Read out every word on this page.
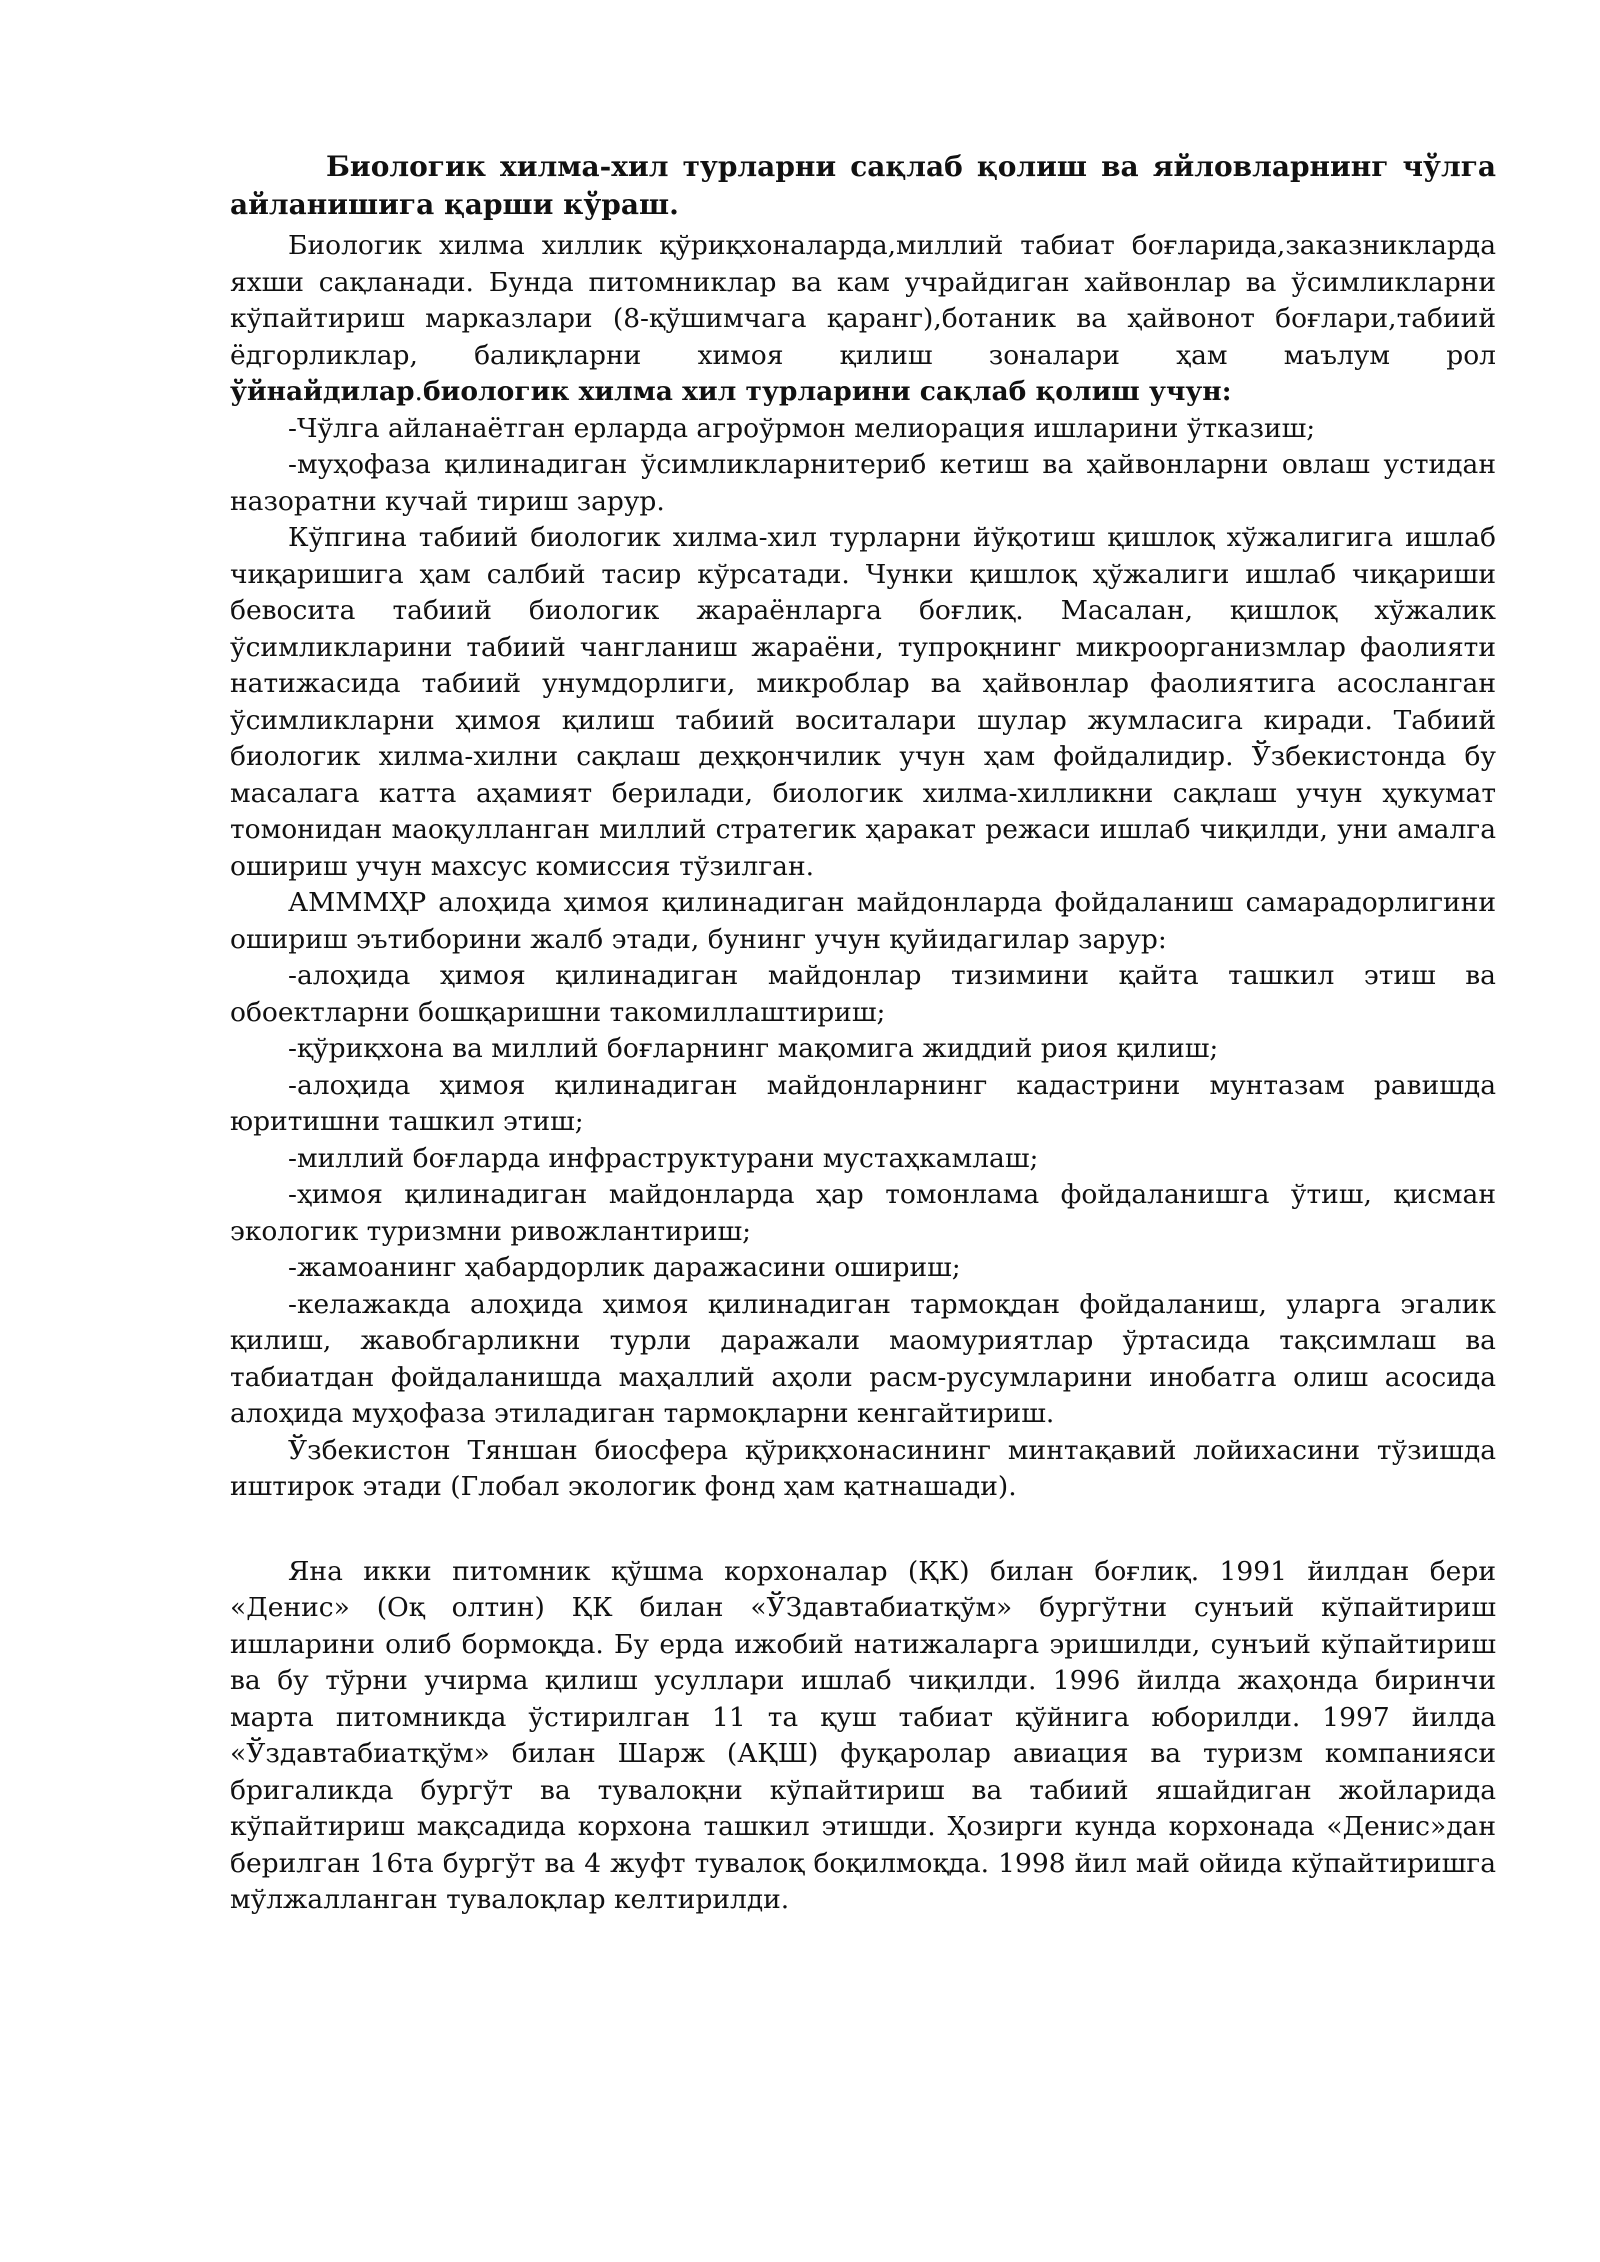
Биологик хилма-хил турларни сақлаб қолиш ва яйловларнинг чўлга айланишига қарши кўраш.

Биологик хилма хиллик қўриқхоналарда,миллий табиат боғларида,заказникларда яхши сақланади. Бунда питомниклар ва кам учрайдиган хайвонлар ва ўсимликларни кўпайтириш марказлари (8-қўшимчага қаранг),ботаник ва ҳайвонот боғлари,табиий ёдгорликлар, балиқларни химоя қилиш зоналари ҳам маълум рол ўйнайдилар.биологик хилма хил турларини сақлаб қолиш учун:

-Чўлга айланаётган ерларда агроўрмон мелиорация ишларини ўтказиш;

-муҳофаза қилинадиган ўсимликларнитериб кетиш ва ҳайвонларни овлаш устидан назоратни кучай тириш зарур.

Кўпгина табиий биологик хилма-хил турларни йўқотиш қишлоқ хўжалигига ишлаб чиқаришига ҳам салбий тасир кўрсатади. Чунки қишлоқ ҳўжалиги ишлаб чиқариши бевосита табиий биологик жараёнларга боғлиқ. Масалан, қишлоқ хўжалик ўсимликларини табиий чангланиш жараёни, тупроқнинг микроорганизмлар фаолияти натижасида табиий унумдорлиги, микроблар ва ҳайвонлар фаолиятига асосланган ўсимликларни ҳимоя қилиш табиий воситалари шулар жумласига киради. Табиий биологик хилма-хилни сақлаш деҳқончилик учун ҳам фойдалидир. Ўзбекистонда бу масалага катта аҳамият берилади, биологик хилма-хилликни сақлаш учун ҳукумат томонидан маоқулланган миллий стратегик ҳаракат режаси ишлаб чиқилди, уни амалга ошириш учун махсус комиссия тўзилган.

АМММҲР алоҳида ҳимоя қилинадиган майдонларда фойдаланиш самарадорлигини ошириш эътиборини жалб этади, бунинг учун қуйидагилар зарур:

-алоҳида ҳимоя қилинадиган майдонлар тизимини қайта ташкил этиш ва обоектларни бошқаришни такомиллаштириш;

-қўриқхона ва миллий боғларнинг мақомига жиддий риоя қилиш;

-алоҳида ҳимоя қилинадиган майдонларнинг кадастрини мунтазам равишда юритишни ташкил этиш;

-миллий боғларда инфраструктурани мустаҳкамлаш;

-ҳимоя қилинадиган майдонларда ҳар томонлама фойдаланишга ўтиш, қисман экологик туризмни ривожлантириш;

-жамоанинг ҳабардорлик даражасини ошириш;

-келажакда алоҳида ҳимоя қилинадиган тармоқдан фойдаланиш, уларга эгалик қилиш, жавобгарликни турли даражали маомуриятлар ўртасида тақсимлаш ва табиатдан фойдаланишда маҳаллий аҳоли расм-русумларини инобатга олиш асосида алоҳида муҳофаза этиладиган тармоқларни кенгайтириш.

Ўзбекистон Тяншан биосфера қўриқхонасининг минтақавий лойихасини тўзишда иштирок этади (Глобал экологик фонд ҳам қатнашади).

Яна икки питомник қўшма корхоналар (ҚК) билан боғлиқ. 1991 йилдан бери «Денис» (Оқ олтин) ҚК билан «ЎЗдавтабиатқўм» бургўтни сунъий кўпайтириш ишларини олиб бормоқда. Бу ерда ижобий натижаларга эришилди, сунъий кўпайтириш ва бу тўрни учирма қилиш усуллари ишлаб чиқилди. 1996 йилда жаҳонда биринчи марта питомникда ўстирилган 11 та қуш табиат қўйнига юборилди. 1997 йилда «Ўздавтабиатқўм» билан Шарж (АҚШ) фуқаролар авиация ва туризм компанияси бригаликда бургўт ва тувалоқни кўпайтириш ва табиий яшайдиган жойларида кўпайтириш мақсадида корхона ташкил этишди. Ҳозирги кунда корхонада «Денис»дан берилган 16та бургўт ва 4 жуфт тувалоқ боқилмоқда. 1998 йил май ойида кўпайтиришга мўлжалланган тувалоқлар келтирилди.
